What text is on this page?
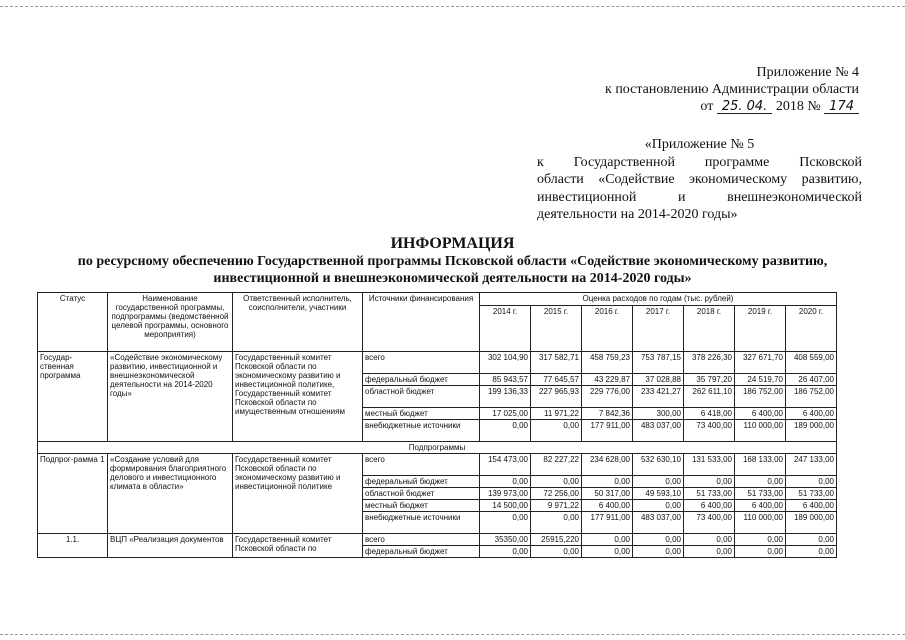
Приложение № 4
к постановлению Администрации области
от 25. 04. 2018 № 174
«Приложение № 5
к Государственной программе Псковской
области «Содействие экономическому развитию,
инвестиционной и внешнеэкономической
деятельности на 2014-2020 годы»
ИНФОРМАЦИЯ
по ресурсному обеспечению Государственной программы Псковской области «Содействие экономическому развитию,
инвестиционной и внешнеэкономической деятельности на 2014-2020 годы»
Статус	Наименование государственной программы, подпрограммы (ведомственной целевой программы, основного мероприятия)	Ответственный исполнитель, соисполнители, участники	Источники финансирования	Оценка расходов по годам (тыс. рублей)						
				2014 г.	2015 г.	2016 г.	2017 г.	2018 г.	2019 г.	2020 г.
Государ-ственная программа	«Содействие экономическому развитию, инвестиционной и внешнеэкономической деятельности на 2014-2020 годы»	Государственный комитет Псковской области по экономическому развитию и инвестиционной политике, Государственный комитет Псковской области по имущественным отношениям	всего	302 104,90	317 582,71	458 759,23	753 787,15	378 226,30	327 671,70	408 559,00
			федеральный бюджет	85 943,57	77 645,57	43 229,87	37 028,88	35 797,20	24 519,70	26 407,00
			областной бюджет	199 136,33	227 965,93	229 776,00	233 421,27	262 611,10	186 752,00	186 752,00
			местный бюджет	17 025,00	11 971,22	7 842,36	300,00	6 418,00	6 400,00	6 400,00
			внебюджетные источники	0,00	0,00	177 911,00	483 037,00	73 400,00	110 000,00	189 000,00
Подпрограммы										
Подпрог-рамма 1	«Создание условий для формирования благоприятного делового и инвестиционного климата в области»	Государственный комитет Псковской области по экономическому развитию и инвестиционной политике	всего	154 473,00	82 227,22	234 628,00	532 630,10	131 533,00	168 133,00	247 133,00
			федеральный бюджет	0,00	0,00	0,00	0,00	0,00	0,00	0,00
			областной бюджет	139 973,00	72 256,00	50 317,00	49 593,10	51 733,00	51 733,00	51 733,00
			местный бюджет	14 500,00	9 971,22	6 400,00	0,00	6 400,00	6 400,00	6 400,00
			внебюджетные источники	0,00	0,00	177 911,00	483 037,00	73 400,00	110 000,00	189 000,00
1.1.	ВЦП «Реализация документов	Государственный комитет Псковской области по	всего	35350,00	25915,220	0,00	0,00	0,00	0,00	0,00
			федеральный бюджет	0,00	0,00	0,00	0,00	0,00	0,00	0,00
